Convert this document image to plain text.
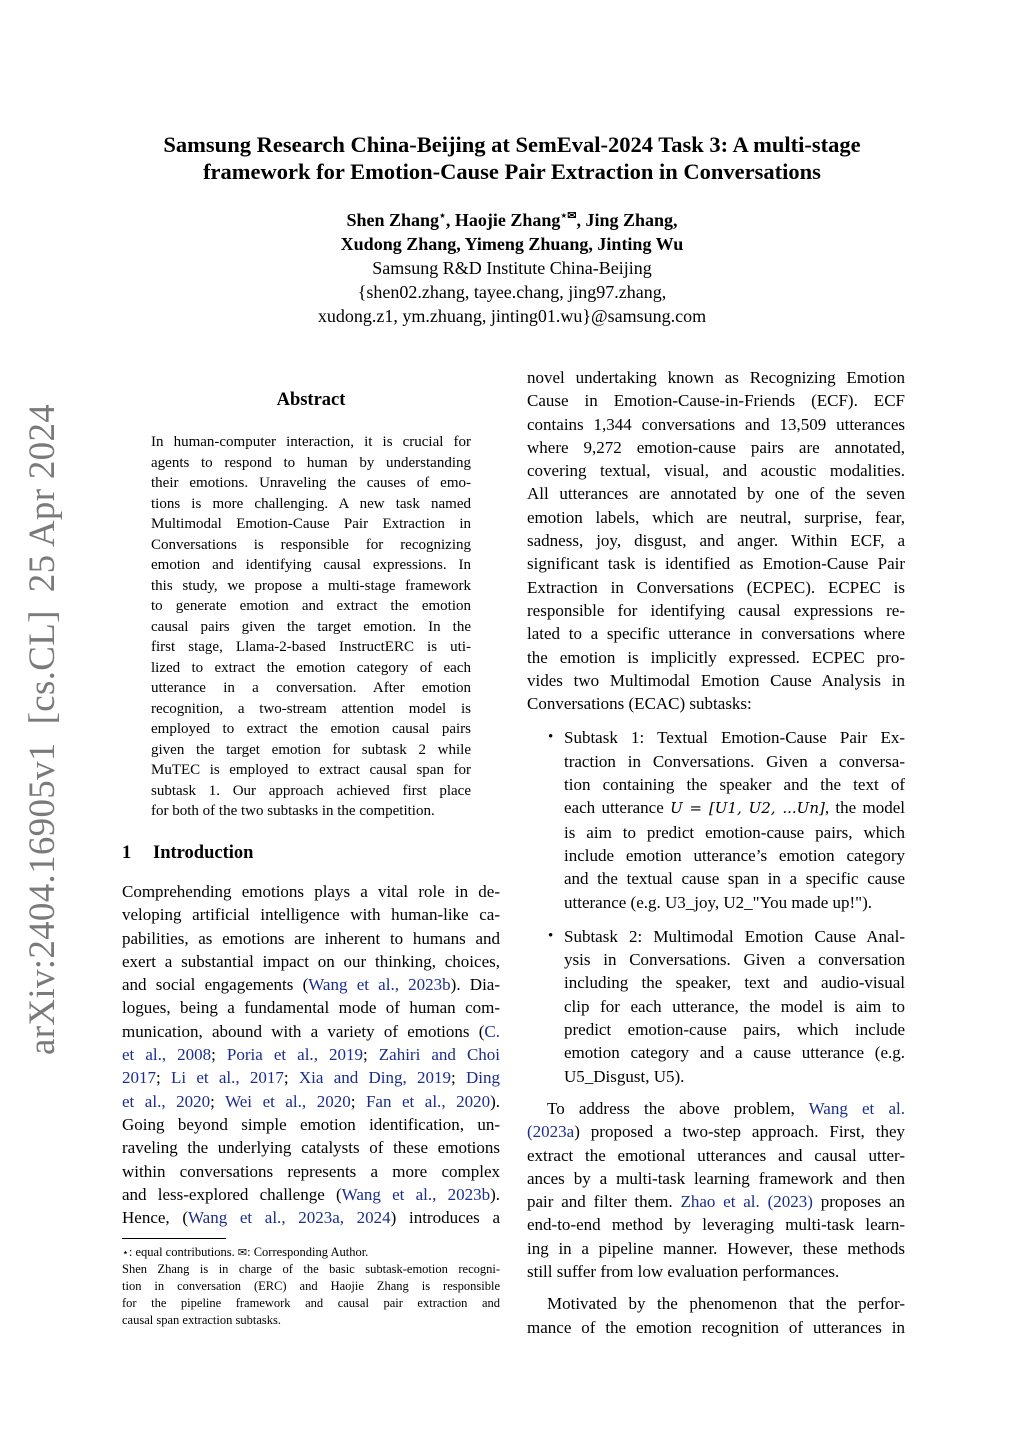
arXiv:2404.16905v1[cs.CL]25 Apr 2024
Samsung Research China-Beijing at SemEval-2024 Task 3: A multi-stage
framework for Emotion-Cause Pair Extraction in Conversations
Shen Zhang⋆, Haojie Zhang⋆✉, Jing Zhang,
Xudong Zhang, Yimeng Zhuang, Jinting Wu
Samsung R&D Institute China-Beijing
{shen02.zhang, tayee.chang, jing97.zhang,
xudong.z1, ym.zhuang, jinting01.wu}@samsung.com
Abstract
In human-computer interaction, it is crucial for
agents to respond to human by understanding
their emotions. Unraveling the causes of emo-
tions is more challenging. A new task named
Multimodal Emotion-Cause Pair Extraction in
Conversations is responsible for recognizing
emotion and identifying causal expressions. In
this study, we propose a multi-stage framework
to generate emotion and extract the emotion
causal pairs given the target emotion. In the
first stage, Llama-2-based InstructERC is uti-
lized to extract the emotion category of each
utterance in a conversation. After emotion
recognition, a two-stream attention model is
employed to extract the emotion causal pairs
given the target emotion for subtask 2 while
MuTEC is employed to extract causal span for
subtask 1. Our approach achieved first place
for both of the two subtasks in the competition.
1 Introduction
Comprehending emotions plays a vital role in de-
veloping artificial intelligence with human-like ca-
pabilities, as emotions are inherent to humans and
exert a substantial impact on our thinking, choices,
and social engagements (Wang et al., 2023b). Dia-
logues, being a fundamental mode of human com-
munication, abound with a variety of emotions (C.
et al., 2008; Poria et al., 2019; Zahiri and Choi
2017; Li et al., 2017; Xia and Ding, 2019; Ding
et al., 2020; Wei et al., 2020; Fan et al., 2020).
Going beyond simple emotion identification, un-
raveling the underlying catalysts of these emotions
within conversations represents a more complex
and less-explored challenge (Wang et al., 2023b).
Hence, (Wang et al., 2023a, 2024) introduces a
⋆: equal contributions. ✉: Corresponding Author.
Shen Zhang is in charge of the basic subtask-emotion recogni-
tion in conversation (ERC) and Haojie Zhang is responsible
for the pipeline framework and causal pair extraction and
causal span extraction subtasks.
novel undertaking known as Recognizing Emotion
Cause in Emotion-Cause-in-Friends (ECF). ECF
contains 1,344 conversations and 13,509 utterances
where 9,272 emotion-cause pairs are annotated,
covering textual, visual, and acoustic modalities.
All utterances are annotated by one of the seven
emotion labels, which are neutral, surprise, fear,
sadness, joy, disgust, and anger. Within ECF, a
significant task is identified as Emotion-Cause Pair
Extraction in Conversations (ECPEC). ECPEC is
responsible for identifying causal expressions re-
lated to a specific utterance in conversations where
the emotion is implicitly expressed. ECPEC pro-
vides two Multimodal Emotion Cause Analysis in
Conversations (ECAC) subtasks:
• Subtask 1: Textual Emotion-Cause Pair Ex-
traction in Conversations. Given a conversa-
tion containing the speaker and the text of
each utterance U = [U1, U2, ...Un], the model
is aim to predict emotion-cause pairs, which
include emotion utterance’s emotion category
and the textual cause span in a specific cause
utterance (e.g. U3_joy, U2_"You made up!").
• Subtask 2: Multimodal Emotion Cause Anal-
ysis in Conversations. Given a conversation
including the speaker, text and audio-visual
clip for each utterance, the model is aim to
predict emotion-cause pairs, which include
emotion category and a cause utterance (e.g.
U5_Disgust, U5).
To address the above problem, Wang et al.
(2023a) proposed a two-step approach. First, they
extract the emotional utterances and causal utter-
ances by a multi-task learning framework and then
pair and filter them. Zhao et al. (2023) proposes an
end-to-end method by leveraging multi-task learn-
ing in a pipeline manner. However, these methods
still suffer from low evaluation performances.
Motivated by the phenomenon that the perfor-
mance of the emotion recognition of utterances in
